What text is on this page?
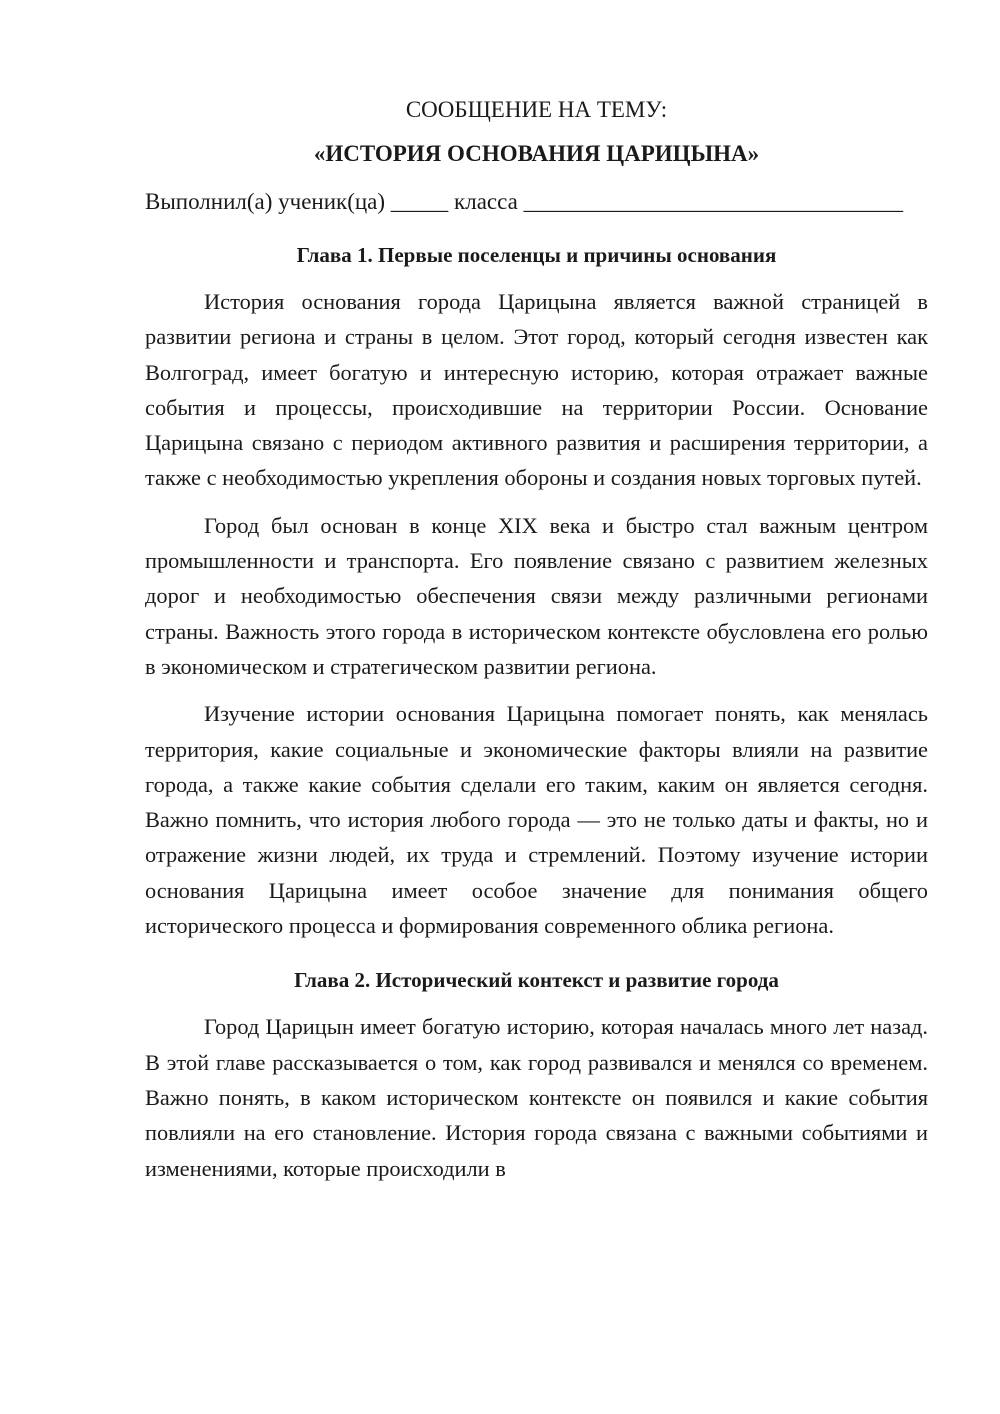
СООБЩЕНИЕ НА ТЕМУ:

«ИСТОРИЯ ОСНОВАНИЯ ЦАРИЦЫНА»

Выполнил(а) ученик(ца) _____ класса _________________________________
Глава 1. Первые поселенцы и причины основания

История основания города Царицына является важной страницей в развитии региона и страны в целом. Этот город, который сегодня известен как Волгоград, имеет богатую и интересную историю, которая отражает важные события и процессы, происходившие на территории России. Основание Царицына связано с периодом активного развития и расширения территории, а также с необходимостью укрепления обороны и создания новых торговых путей.

Город был основан в конце XIX века и быстро стал важным центром промышленности и транспорта. Его появление связано с развитием железных дорог и необходимостью обеспечения связи между различными регионами страны. Важность этого города в историческом контексте обусловлена его ролью в экономическом и стратегическом развитии региона.

Изучение истории основания Царицына помогает понять, как менялась территория, какие социальные и экономические факторы влияли на развитие города, а также какие события сделали его таким, каким он является сегодня. Важно помнить, что история любого города — это не только даты и факты, но и отражение жизни людей, их труда и стремлений. Поэтому изучение истории основания Царицына имеет особое значение для понимания общего исторического процесса и формирования современного облика региона.

Глава 2. Исторический контекст и развитие города

Город Царицын имеет богатую историю, которая началась много лет назад. В этой главе рассказывается о том, как город развивался и менялся со временем. Важно понять, в каком историческом контексте он появился и какие события повлияли на его становление. История города связана с важными событиями и изменениями, которые происходили в
